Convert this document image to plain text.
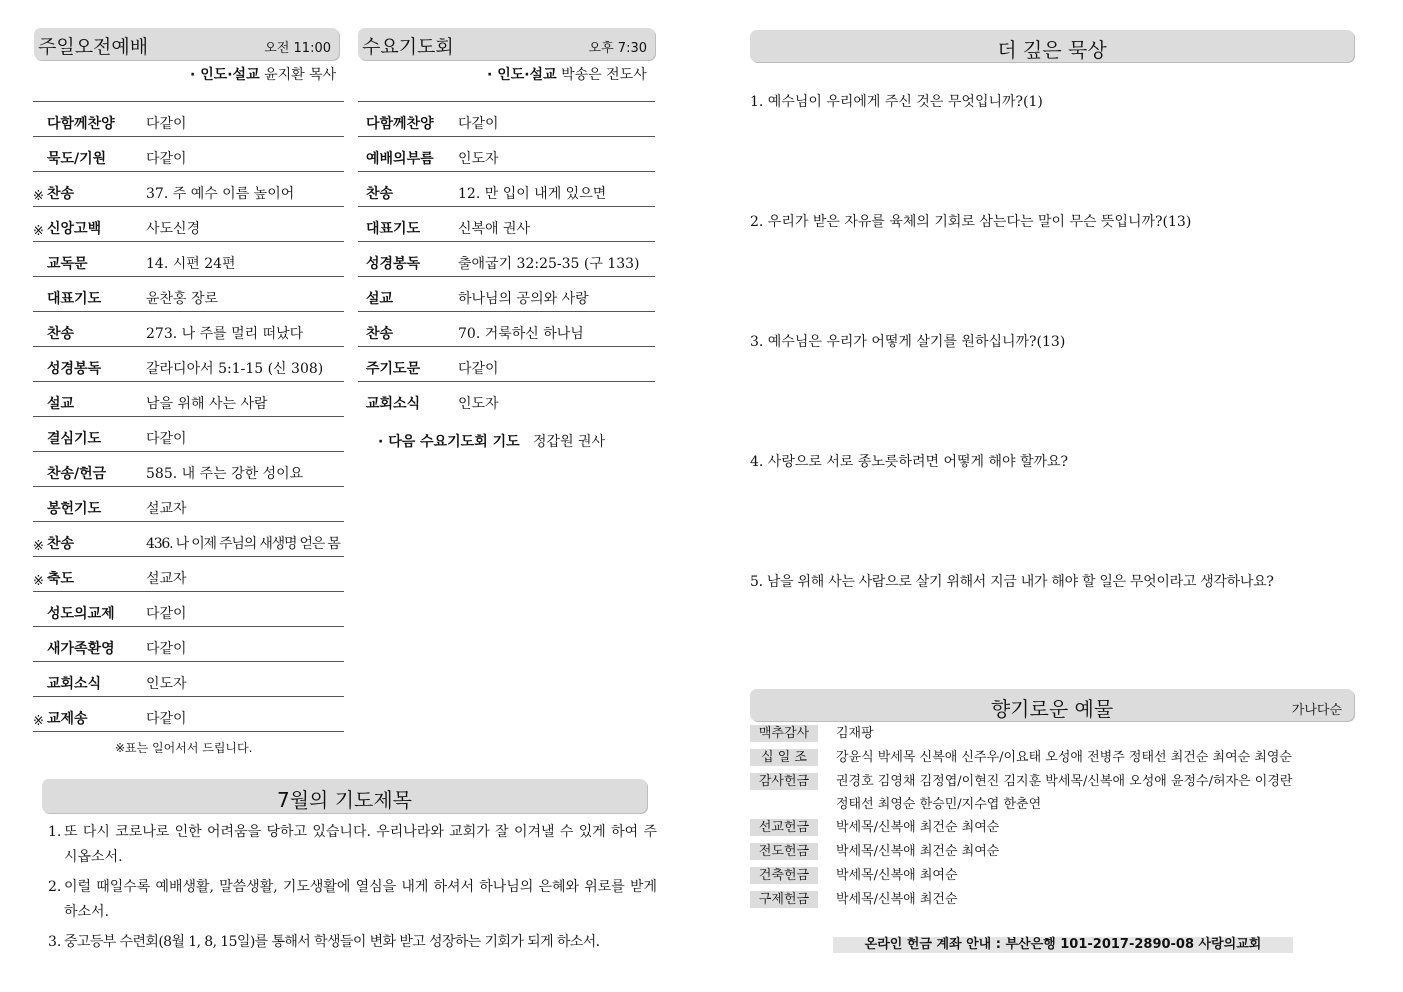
주일오전예배	오전 11:00
· 인도·설교 윤지환 목사
다함께찬양	다같이
묵도/기원	다같이
※ 찬송	37. 주 예수 이름 높이어
※ 신앙고백	사도신경
교독문	14. 시편 24편
대표기도	윤찬홍 장로
찬송	273. 나 주를 멀리 떠났다
성경봉독	갈라디아서 5:1-15 (신 308)
설교	남을 위해 사는 사람
결심기도	다같이
찬송/헌금	585. 내 주는 강한 성이요
봉헌기도	설교자
※ 찬송	436. 나 이제 주님의 새생명 얻은 몸
※ 축도	설교자
성도의교제	다같이
새가족환영	다같이
교회소식	인도자
※ 교제송	다같이
※표는 일어서서 드립니다.
수요기도회	오후 7:30
· 인도·설교 박송은 전도사
다함께찬양	다같이
예배의부름	인도자
찬송	12. 만 입이 내게 있으면
대표기도	신복애 권사
성경봉독	출애굽기 32:25-35 (구 133)
설교	하나님의 공의와 사랑
찬송	70. 거룩하신 하나님
주기도문	다같이
교회소식	인도자
· 다음 수요기도회 기도 정갑원 권사
7월의 기도제목
1. 또 다시 코로나로 인한 어려움을 당하고 있습니다. 우리나라와 교회가 잘 이겨낼 수 있게 하여 주시옵소서.
2. 이럴 때일수록 예배생활, 말씀생활, 기도생활에 열심을 내게 하셔서 하나님의 은혜와 위로를 받게 하소서.
3. 중고등부 수련회(8월 1, 8, 15일)를 통해서 학생들이 변화 받고 성장하는 기회가 되게 하소서.
더 깊은 묵상
1. 예수님이 우리에게 주신 것은 무엇입니까?(1)
2. 우리가 받은 자유를 육체의 기회로 삼는다는 말이 무슨 뜻입니까?(13)
3. 예수님은 우리가 어떻게 살기를 원하십니까?(13)
4. 사랑으로 서로 종노릇하려면 어떻게 해야 할까요?
5. 남을 위해 사는 사람으로 살기 위해서 지금 내가 해야 할 일은 무엇이라고 생각하나요?
향기로운 예물	가나다순
맥추감사	김재팡
십 일 조	강윤식 박세목 신복애 신주우/이요태 오성애 전병주 정태선 최건순 최여순 최영순
감사헌금	권경호 김영채 김정엽/이현진 김지훈 박세목/신복애 오성애 윤정수/허자은 이경란
정태선 최영순 한승민/지수엽 한춘연
선교헌금	박세목/신복애 최건순 최여순
전도헌금	박세목/신복애 최건순 최여순
건축헌금	박세목/신복애 최여순
구제헌금	박세목/신복애 최건순
온라인 헌금 계좌 안내 : 부산은행 101-2017-2890-08 사랑의교회
